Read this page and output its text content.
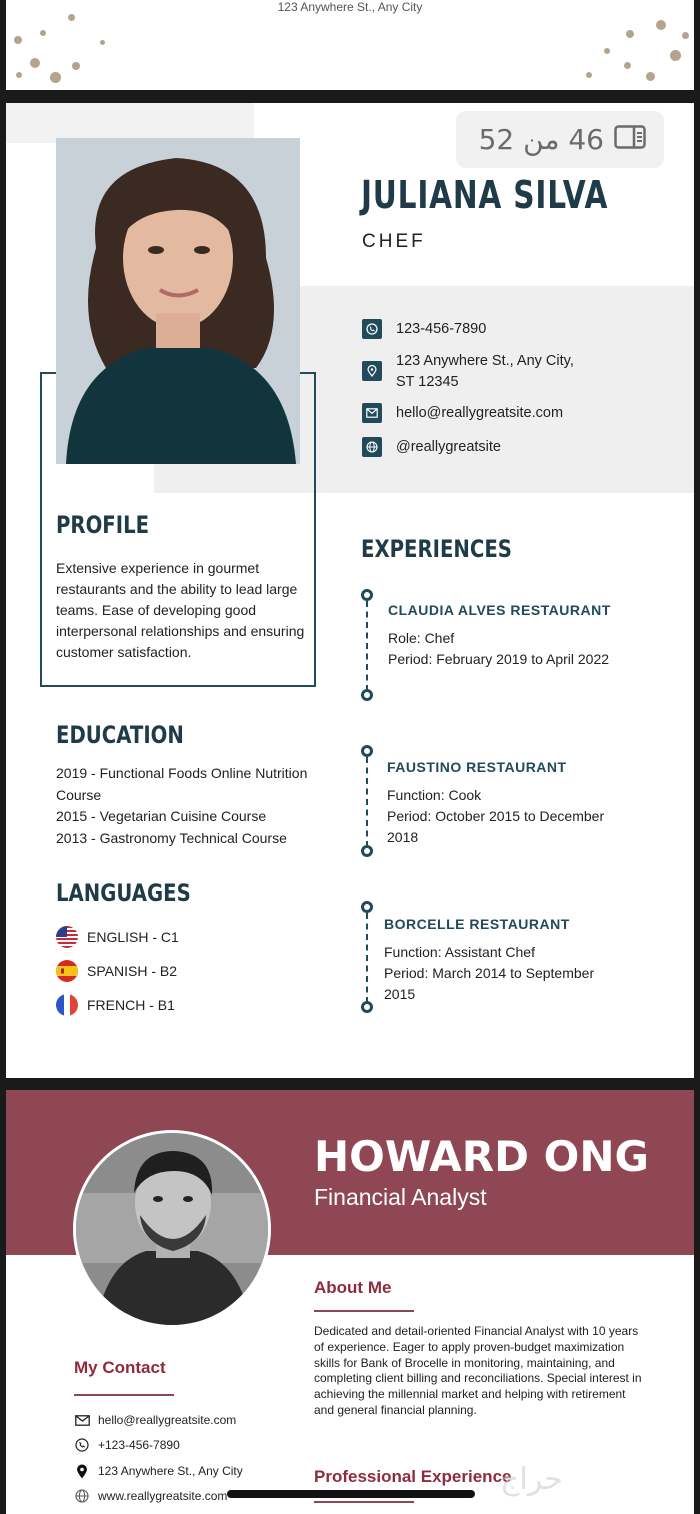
123 Anywhere St., Any City
46 من 52
JULIANA SILVA
CHEF
123-456-7890
123 Anywhere St., Any City,
ST 12345
hello@reallygreatsite.com
@reallygreatsite
PROFILE
Extensive experience in gourmet restaurants and the ability to lead large teams. Ease of developing good interpersonal relationships and ensuring customer satisfaction.
EDUCATION
2019 - Functional Foods Online Nutrition Course
2015 - Vegetarian Cuisine Course
2013 - Gastronomy Technical Course
LANGUAGES
ENGLISH - C1
SPANISH - B2
FRENCH - B1
EXPERIENCES
CLAUDIA ALVES RESTAURANT
Role: Chef
Period: February 2019 to April 2022
FAUSTINO RESTAURANT
Function: Cook
Period: October 2015 to December
2018
BORCELLE RESTAURANT
Function: Assistant Chef
Period: March 2014 to September
2015
HOWARD ONG
Financial Analyst
About Me
Dedicated and detail-oriented Financial Analyst with 10 years of experience. Eager to apply proven-budget maximization skills for Bank of Brocelle in monitoring, maintaining, and completing client billing and reconciliations. Special interest in achieving the millennial market and helping with retirement and general financial planning.
My Contact
hello@reallygreatsite.com
+123-456-7890
123 Anywhere St., Any City
www.reallygreatsite.com
Professional Experience
حراج
